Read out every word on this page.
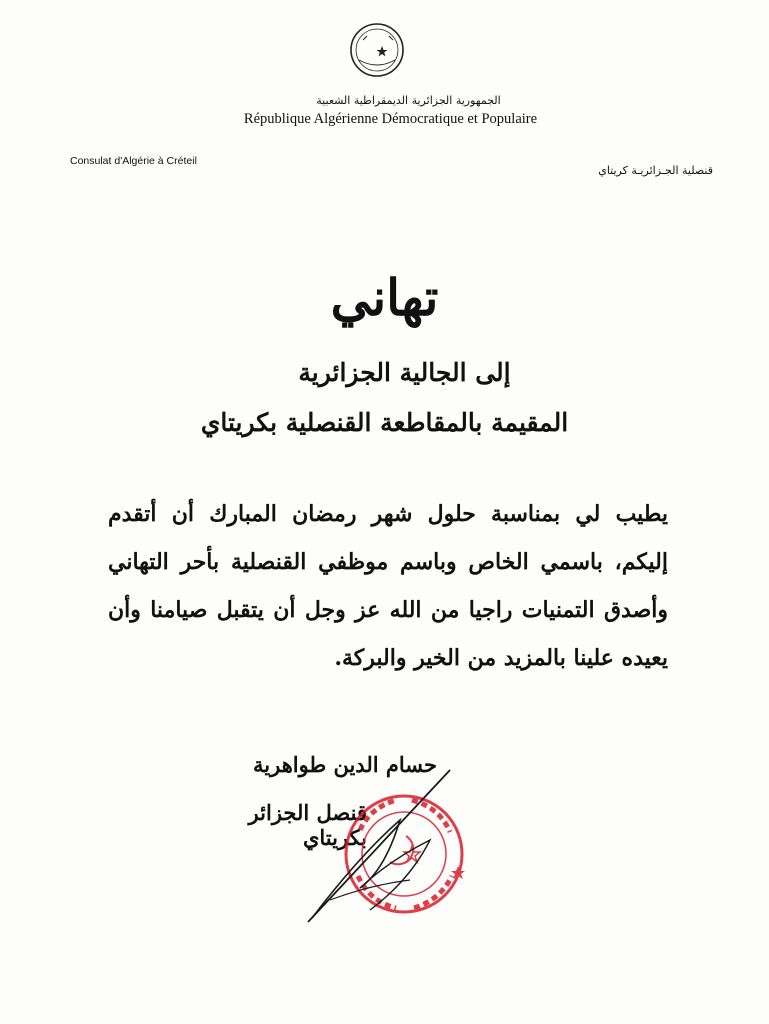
الجمهورية الجزائرية الديمقراطية الشعبية
République Algérienne Démocratique et Populaire
Consulat d'Algérie à Créteil
قنصلية الجـزائريـة كريتاي
تهاني
إلى الجالية الجزائرية
المقيمة بالمقاطعة القنصلية بكريتاي

يطيب لي بمناسبة حلول شهر رمضان المبارك أن أتقدم إليكم، باسمي الخاص وباسم موظفي القنصلية بأحر التهاني وأصدق التمنيات راجيا من الله عز وجل أن يتقبل صيامنا وأن يعيده علينا بالمزيد من الخير والبركة.

حسام الدين طواهرية
قنصل الجزائر بكريتاي
